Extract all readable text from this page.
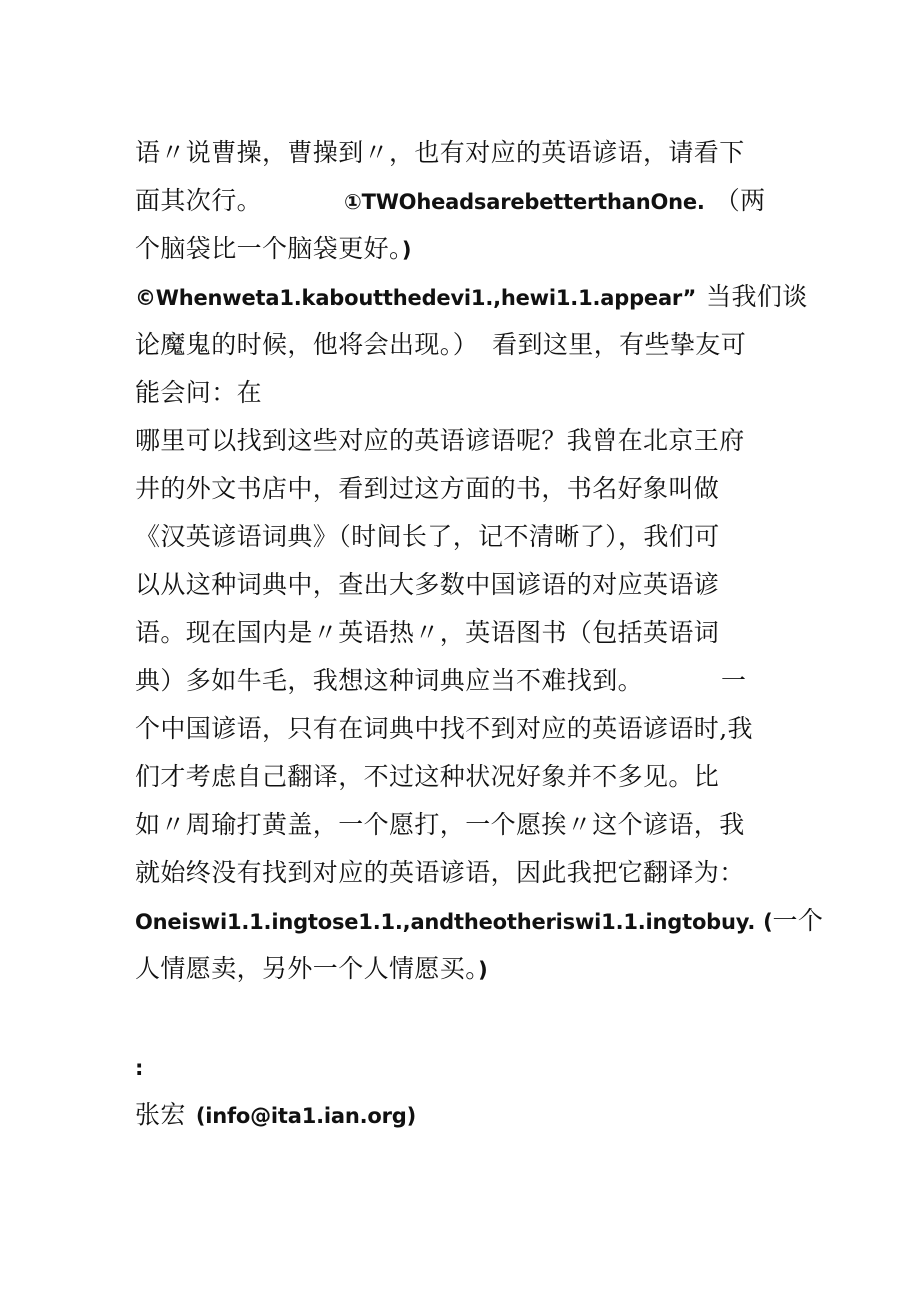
语〃说曹操，曹操到〃，也有对应的英语谚语，请看下
面其次行。	①TWOheadsarebetterthanOne. （两
个脑袋比一个脑袋更好。)
©Whenweta1.kaboutthedevi1.,hewi1.1.appear” 当我们谈
论魔鬼的时候，他将会出现。） 看到这里，有些挚友可
能会问：在
哪里可以找到这些对应的英语谚语呢？我曾在北京王府
井的外文书店中，看到过这方面的书，书名好象叫做
《汉英谚语词典》（时间长了，记不清晰了），我们可
以从这种词典中，查出大多数中国谚语的对应英语谚
语。现在国内是〃英语热〃，英语图书（包括英语词
典）多如牛毛，我想这种词典应当不难找到。	一
个中国谚语，只有在词典中找不到对应的英语谚语时,我
们才考虑自己翻译，不过这种状况好象并不多见。比
如〃周瑜打黄盖，一个愿打，一个愿挨〃这个谚语，我
就始终没有找到对应的英语谚语，因此我把它翻译为：
Oneiswi1.1.ingtose1.1.,andtheotheriswi1.1.ingtobuy. (一个
人情愿卖，另外一个人情愿买。)
:
张宏 (info@ita1.ian.org)
